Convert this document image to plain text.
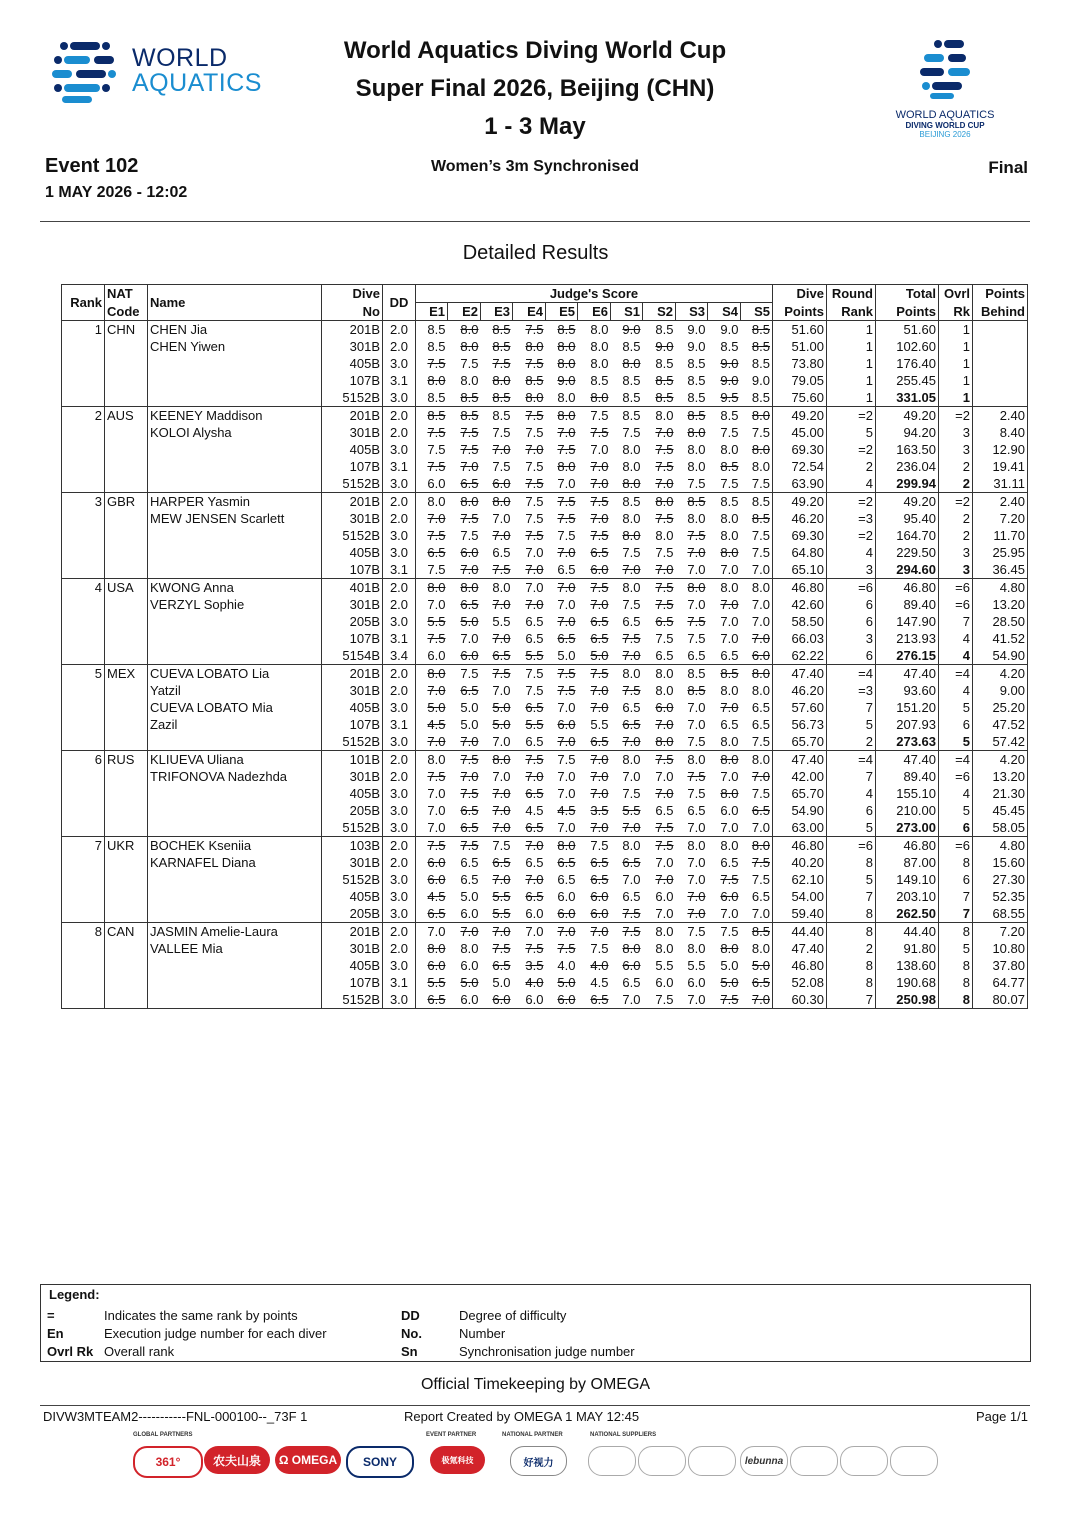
WORLD
AQUATICS
World Aquatics Diving World Cup
Super Final 2026, Beijing (CHN)
1 - 3 May	WORLD AQUATICS
DIVING WORLD CUP
BEIJING 2026
Event 102
1 MAY 2026 - 12:02
Women’s 3m Synchronised	Final
Detailed Results
Rank	NAT	Name	Dive	DD	Judge's Score											Dive	Round	Total	Ovrl	Points
	Code		No		E1	E2	E3	E4	E5	E6	S1	S2	S3	S4	S5	Points	Rank	Points	Rk	Behind
1	CHN	CHEN Jia	201B	2.0	8.5	8.0	8.5	7.5	8.5	8.0	9.0	8.5	9.0	9.0	8.5	51.60	1	51.60	1	
		CHEN Yiwen	301B	2.0	8.5	8.0	8.5	8.0	8.0	8.0	8.5	9.0	9.0	8.5	8.5	51.00	1	102.60	1	
			405B	3.0	7.5	7.5	7.5	7.5	8.0	8.0	8.0	8.5	8.5	9.0	8.5	73.80	1	176.40	1	
			107B	3.1	8.0	8.0	8.0	8.5	9.0	8.5	8.5	8.5	8.5	9.0	9.0	79.05	1	255.45	1	
			5152B	3.0	8.5	8.5	8.5	8.0	8.0	8.0	8.5	8.5	8.5	9.5	8.5	75.60	1	331.05	1	
2	AUS	KEENEY Maddison	201B	2.0	8.5	8.5	8.5	7.5	8.0	7.5	8.5	8.0	8.5	8.5	8.0	49.20	=2	49.20	=2	2.40
		KOLOI Alysha	301B	2.0	7.5	7.5	7.5	7.5	7.0	7.5	7.5	7.0	8.0	7.5	7.5	45.00	5	94.20	3	8.40
			405B	3.0	7.5	7.5	7.0	7.0	7.5	7.0	8.0	7.5	8.0	8.0	8.0	69.30	=2	163.50	3	12.90
			107B	3.1	7.5	7.0	7.5	7.5	8.0	7.0	8.0	7.5	8.0	8.5	8.0	72.54	2	236.04	2	19.41
			5152B	3.0	6.0	6.5	6.0	7.5	7.0	7.0	8.0	7.0	7.5	7.5	7.5	63.90	4	299.94	2	31.11
3	GBR	HARPER Yasmin	201B	2.0	8.0	8.0	8.0	7.5	7.5	7.5	8.5	8.0	8.5	8.5	8.5	49.20	=2	49.20	=2	2.40
		MEW JENSEN Scarlett	301B	2.0	7.0	7.5	7.0	7.5	7.5	7.0	8.0	7.5	8.0	8.0	8.5	46.20	=3	95.40	2	7.20
			5152B	3.0	7.5	7.5	7.0	7.5	7.5	7.5	8.0	8.0	7.5	8.0	7.5	69.30	=2	164.70	2	11.70
			405B	3.0	6.5	6.0	6.5	7.0	7.0	6.5	7.5	7.5	7.0	8.0	7.5	64.80	4	229.50	3	25.95
			107B	3.1	7.5	7.0	7.5	7.0	6.5	6.0	7.0	7.0	7.0	7.0	7.0	65.10	3	294.60	3	36.45
4	USA	KWONG Anna	401B	2.0	8.0	8.0	8.0	7.0	7.0	7.5	8.0	7.5	8.0	8.0	8.0	46.80	=6	46.80	=6	4.80
		VERZYL Sophie	301B	2.0	7.0	6.5	7.0	7.0	7.0	7.0	7.5	7.5	7.0	7.0	7.0	42.60	6	89.40	=6	13.20
			205B	3.0	5.5	5.0	5.5	6.5	7.0	6.5	6.5	6.5	7.5	7.0	7.0	58.50	6	147.90	7	28.50
			107B	3.1	7.5	7.0	7.0	6.5	6.5	6.5	7.5	7.5	7.5	7.0	7.0	66.03	3	213.93	4	41.52
			5154B	3.4	6.0	6.0	6.5	5.5	5.0	5.0	7.0	6.5	6.5	6.5	6.0	62.22	6	276.15	4	54.90
5	MEX	CUEVA LOBATO Lia	201B	2.0	8.0	7.5	7.5	7.5	7.5	7.5	8.0	8.0	8.5	8.5	8.0	47.40	=4	47.40	=4	4.20
		Yatzil	301B	2.0	7.0	6.5	7.0	7.5	7.5	7.0	7.5	8.0	8.5	8.0	8.0	46.20	=3	93.60	4	9.00
		CUEVA LOBATO Mia	405B	3.0	5.0	5.0	5.0	6.5	7.0	7.0	6.5	6.0	7.0	7.0	6.5	57.60	7	151.20	5	25.20
		Zazil	107B	3.1	4.5	5.0	5.0	5.5	6.0	5.5	6.5	7.0	7.0	6.5	6.5	56.73	5	207.93	6	47.52
			5152B	3.0	7.0	7.0	7.0	6.5	7.0	6.5	7.0	8.0	7.5	8.0	7.5	65.70	2	273.63	5	57.42
6	RUS	KLIUEVA Uliana	101B	2.0	8.0	7.5	8.0	7.5	7.5	7.0	8.0	7.5	8.0	8.0	8.0	47.40	=4	47.40	=4	4.20
		TRIFONOVA Nadezhda	301B	2.0	7.5	7.0	7.0	7.0	7.0	7.0	7.0	7.0	7.5	7.0	7.0	42.00	7	89.40	=6	13.20
			405B	3.0	7.0	7.5	7.0	6.5	7.0	7.0	7.5	7.0	7.5	8.0	7.5	65.70	4	155.10	4	21.30
			205B	3.0	7.0	6.5	7.0	4.5	4.5	3.5	5.5	6.5	6.5	6.0	6.5	54.90	6	210.00	5	45.45
			5152B	3.0	7.0	6.5	7.0	6.5	7.0	7.0	7.0	7.5	7.0	7.0	7.0	63.00	5	273.00	6	58.05
7	UKR	BOCHEK Kseniia	103B	2.0	7.5	7.5	7.5	7.0	8.0	7.5	8.0	7.5	8.0	8.0	8.0	46.80	=6	46.80	=6	4.80
		KARNAFEL Diana	301B	2.0	6.0	6.5	6.5	6.5	6.5	6.5	6.5	7.0	7.0	6.5	7.5	40.20	8	87.00	8	15.60
			5152B	3.0	6.0	6.5	7.0	7.0	6.5	6.5	7.0	7.0	7.0	7.5	7.5	62.10	5	149.10	6	27.30
			405B	3.0	4.5	5.0	5.5	6.5	6.0	6.0	6.5	6.0	7.0	6.0	6.5	54.00	7	203.10	7	52.35
			205B	3.0	6.5	6.0	5.5	6.0	6.0	6.0	7.5	7.0	7.0	7.0	7.0	59.40	8	262.50	7	68.55
8	CAN	JASMIN Amelie-Laura	201B	2.0	7.0	7.0	7.0	7.0	7.0	7.0	7.5	8.0	7.5	7.5	8.5	44.40	8	44.40	8	7.20
		VALLEE Mia	301B	2.0	8.0	8.0	7.5	7.5	7.5	7.5	8.0	8.0	8.0	8.0	8.0	47.40	2	91.80	5	10.80
			405B	3.0	6.0	6.0	6.5	3.5	4.0	4.0	6.0	5.5	5.5	5.0	5.0	46.80	8	138.60	8	37.80
			107B	3.1	5.5	5.0	5.0	4.0	5.0	4.5	6.5	6.0	6.0	5.0	6.5	52.08	8	190.68	8	64.77
			5152B	3.0	6.5	6.0	6.0	6.0	6.0	6.5	7.0	7.5	7.0	7.5	7.0	60.30	7	250.98	8	80.07
Legend:
=	Indicates the same rank by points
En	Execution judge number for each diver
Ovrl Rk Overall rank
DD	Degree of difficulty
No.	Number
Sn	Synchronisation judge number
Official Timekeeping by OMEGA
DIVW3MTEAM2-----------FNL-000100--_73F 1	Report Created by OMEGA 1 MAY 12:45	Page 1/1
GLOBAL PARTNERS	EVENT PARTNER	NATIONAL PARTNER	NATIONAL SUPPLIERS
361°	农夫山泉	Ω OMEGA	SONY	极氪科技	好视力	lebunna
